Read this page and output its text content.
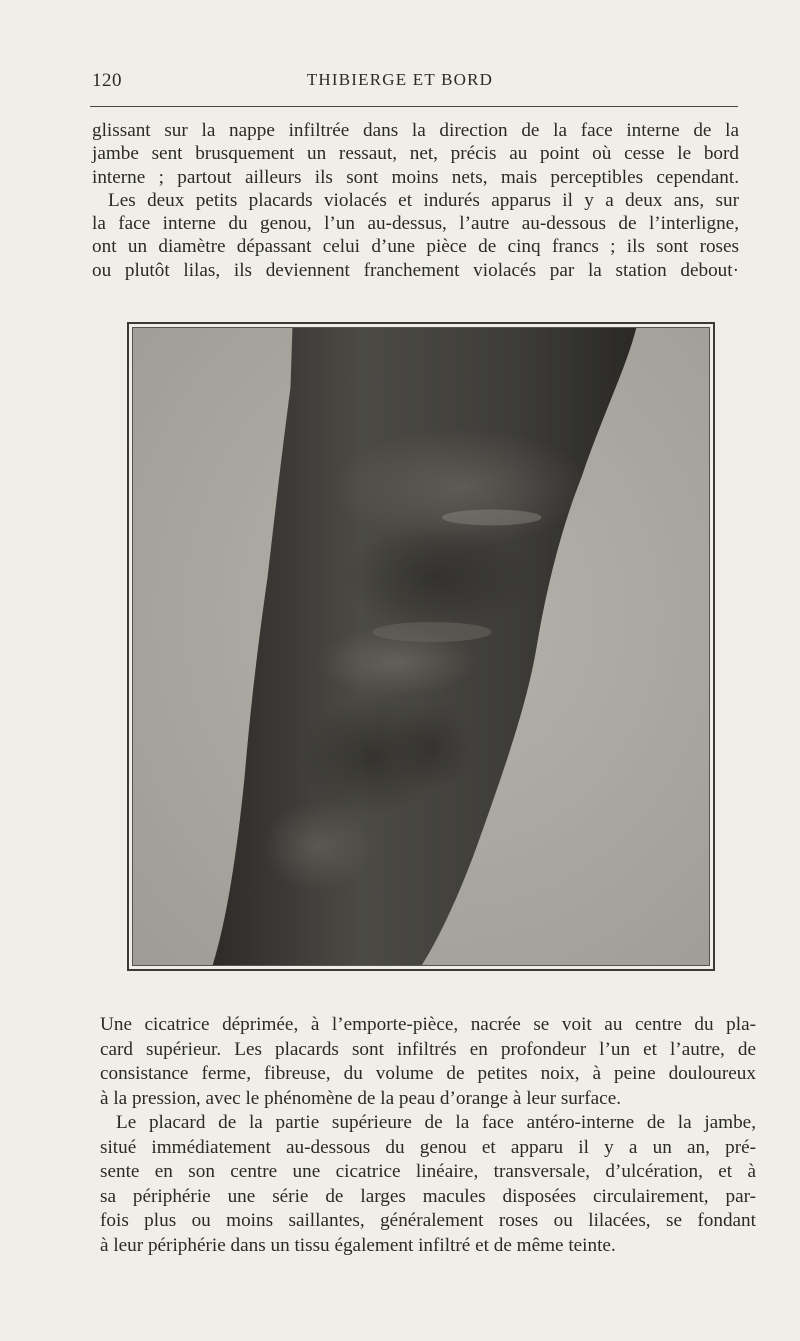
120	THIBIERGE ET BORD
glissant sur la nappe infiltrée dans la direction de la face interne de la
jambe sent brusquement un ressaut, net, précis au point où cesse le bord
interne ; partout ailleurs ils sont moins nets, mais perceptibles cependant.
Les deux petits placards violacés et indurés apparus il y a deux ans, sur
la face interne du genou, l’un au-dessus, l’autre au-dessous de l’interligne,
ont un diamètre dépassant celui d’une pièce de cinq francs ; ils sont roses
ou plutôt lilas, ils deviennent franchement violacés par la station debout·
Une cicatrice déprimée, à l’emporte-pièce, nacrée se voit au centre du pla-
card supérieur. Les placards sont infiltrés en profondeur l’un et l’autre, de
consistance ferme, fibreuse, du volume de petites noix, à peine douloureux
à la pression, avec le phénomène de la peau d’orange à leur surface.
Le placard de la partie supérieure de la face antéro-interne de la jambe,
situé immédiatement au-dessous du genou et apparu il y a un an, pré-
sente en son centre une cicatrice linéaire, transversale, d’ulcération, et à
sa périphérie une série de larges macules disposées circulairement, par-
fois plus ou moins saillantes, généralement roses ou lilacées, se fondant
à leur périphérie dans un tissu également infiltré et de même teinte.
